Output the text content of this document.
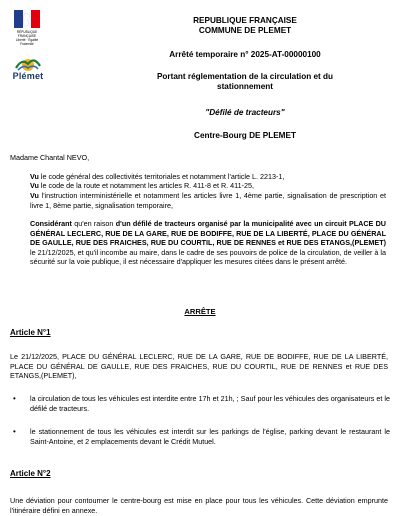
RÉPUBLIQUE
FRANÇAISE
Liberté · Égalité
Fraternité
Plémet
REPUBLIQUE FRANÇAISE
COMMUNE DE PLEMET
Arrêté temporaire n° 2025-AT-00000100
Portant réglementation de la circulation et du
stationnement
"Défilé de tracteurs"
Centre-Bourg DE PLEMET
Madame Chantal NEVO,
Vu le code général des collectivités territoriales et notamment l'article L. 2213-1,
Vu le code de la route et notamment les articles R. 411-8 et R. 411-25,
Vu l'instruction interministérielle et notamment les articles livre 1, 4ème partie, signalisation de prescription et livre 1, 8ème partie, signalisation temporaire,
Considérant qu'en raison d'un défilé de tracteurs organisé par la municipalité avec un circuit PLACE DU GÉNÉRAL LECLERC, RUE DE LA GARE, RUE DE BODIFFE, RUE DE LA LIBERTÉ, PLACE DU GÉNÉRAL DE GAULLE, RUE DES FRAICHES, RUE DU COURTIL, RUE DE RENNES et RUE DES ETANGS,(PLEMET) le 21/12/2025, et qu'il incombe au maire, dans le cadre de ses pouvoirs de police de la circulation, de veiller à la sécurité sur la voie publique, il est nécessaire d'appliquer les mesures citées dans le présent arrêté.
ARRÊTE
Article N°1
Le 21/12/2025, PLACE DU GÉNÉRAL LECLERC, RUE DE LA GARE, RUE DE BODIFFE, RUE DE LA LIBERTÉ, PLACE DU GÉNÉRAL DE GAULLE, RUE DES FRAICHES, RUE DU COURTIL, RUE DE RENNES et RUE DES ETANGS,(PLEMET),
• la circulation de tous les véhicules est interdite entre 17h et 21h, ; Sauf pour les véhicules des organisateurs et le défilé de tracteurs.
• le stationnement de tous les véhicules est interdit sur les parkings de l'église, parking devant le restaurant le Saint-Antoine, et 2 emplacements devant le Crédit Mutuel.
Article N°2
Une déviation pour contourner le centre-bourg est mise en place pour tous les véhicules. Cette déviation emprunte l'itinéraire défini en annexe.
